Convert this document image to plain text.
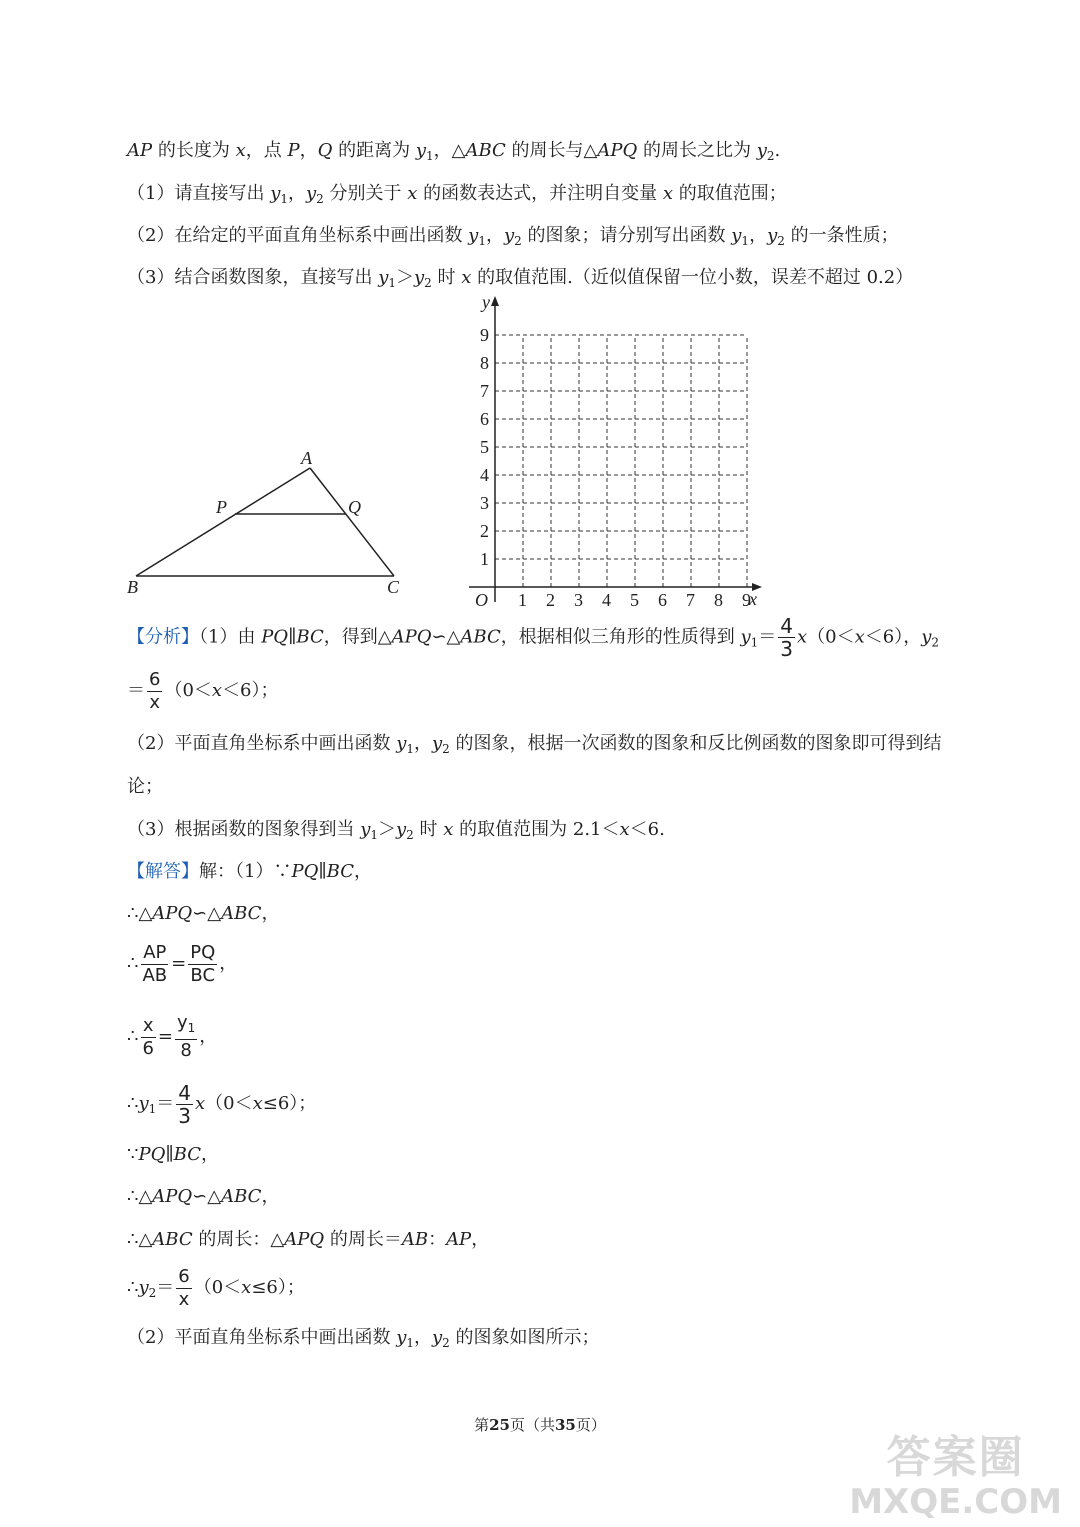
AP 的长度为 x，点 P，Q 的距离为 $y_1$，△ABC 的周长与△APQ 的周长之比为 $y_2$.
（1）请直接写出 $y_1$，$y_2$ 分别关于 x 的函数表达式，并注明自变量 x 的取值范围；
（2）在给定的平面直角坐标系中画出函数 $y_1$，$y_2$ 的图象；请分别写出函数 $y_1$，$y_2$ 的一条性质；
（3）结合函数图象，直接写出 $y_1>y_2$ 时 x 的取值范围.（近似值保留一位小数，误差不超过 0.2）
A
P	Q
B	C
y
x
O 1 2 3 4 5 6 7 8 9
1
2
3
4
5
6
7
8
9
【分析】（1）由 PQ∥BC，得到△APQ∽△ABC，根据相似三角形的性质得到 $y_1= \frac{4}{3} x(0<x<6)$，$y_2$
＝ $\frac{6}{x} (0<x<6)$；
（2）平面直角坐标系中画出函数 $y_1$，$y_2$ 的图象，根据一次函数的图象和反比例函数的图象即可得到结
论；
（3）根据函数的图象得到当 $y_1>y_2$ 时 x 的取值范围为 2.1＜x＜6.
【解答】解：（1）∵PQ∥BC，
∴△APQ∽△ABC，
∴ $\frac{AP}{AB} = \frac{PQ}{BC}$ ，
∴ $\frac{x}{6} = \frac{y_1}{8}$ ，
$\therefore y_1= \frac{4}{3} x(0<x\le 6)$；
∵PQ∥BC，
∴△APQ∽△ABC，
∴△ABC 的周长：△APQ 的周长＝AB：AP，
$\therefore y_2= \frac{6}{x} (0<x\le 6)$；
（2）平面直角坐标系中画出函数 $y_1$，$y_2$ 的图象如图所示；
第25页（共35页）
答案圈
MXQE.COM
